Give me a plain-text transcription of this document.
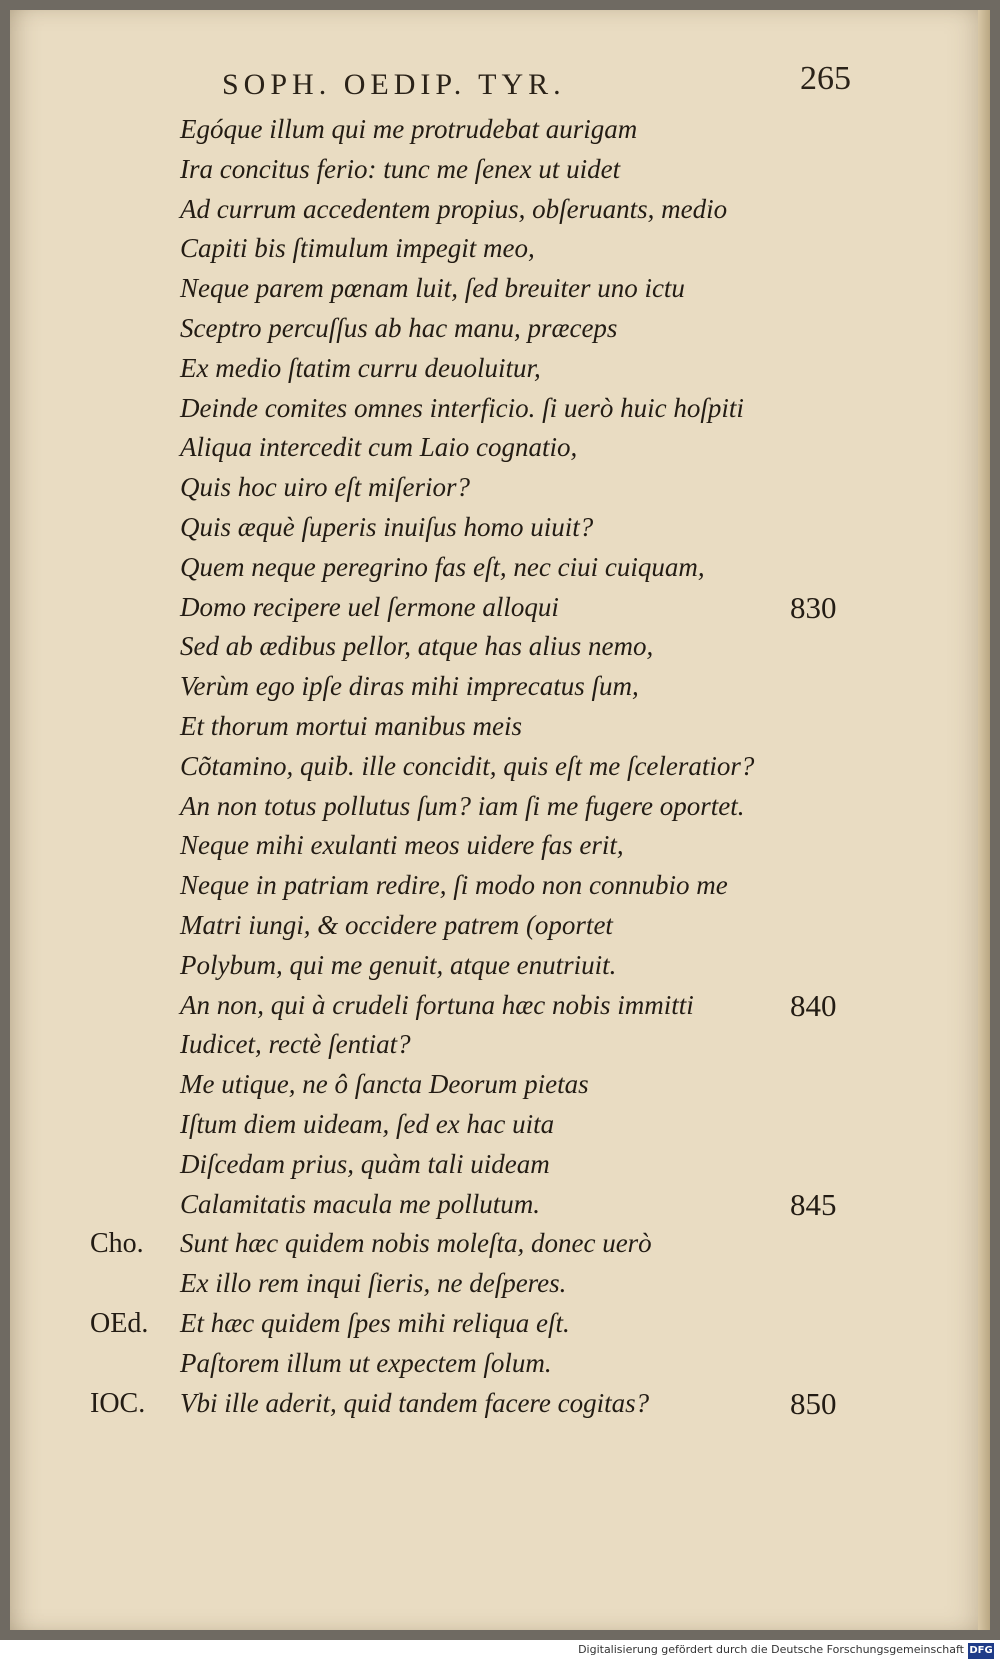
SOPH. OEDIP. TYR.	265
Egóque illum qui me protrudebat aurigam
Ira concitus ferio: tunc me ſenex ut uidet
Ad currum accedentem propius, obſeruants, medio
Capiti bis ſtimulum impegit meo,
Neque parem pœnam luit, ſed breuiter uno ictu
Sceptro percuſſus ab hac manu, præceps
Ex medio ſtatim curru deuoluitur,
Deinde comites omnes interficio. ſi uerò huic hoſpiti
Aliqua intercedit cum Laio cognatio,
Quis hoc uiro eſt miſerior?
Quis æquè ſuperis inuiſus homo uiuit?
Quem neque peregrino fas eſt, nec ciui cuiquam,
Domo recipere uel ſermone alloqui	830
Sed ab ædibus pellor, atque has alius nemo,
Verùm ego ipſe diras mihi imprecatus ſum,
Et thorum mortui manibus meis
Cõtamino, quib. ille concidit, quis eſt me ſceleratior?
An non totus pollutus ſum? iam ſi me fugere oportet.
Neque mihi exulanti meos uidere fas erit,
Neque in patriam redire, ſi modo non connubio me
Matri iungi, & occidere patrem (oportet
Polybum, qui me genuit, atque enutriuit.
An non, qui à crudeli fortuna hæc nobis immitti	840
Iudicet, rectè ſentiat?
Me utique, ne ô ſancta Deorum pietas
Iſtum diem uideam, ſed ex hac uita
Diſcedam prius, quàm tali uideam
Calamitatis macula me pollutum.	845
Cho. Sunt hæc quidem nobis moleſta, donec uerò
Ex illo rem inqui ſieris, ne deſperes.
OEd. Et hæc quidem ſpes mihi reliqua eſt.
Paſtorem illum ut expectem ſolum.
IOC. Vbi ille aderit, quid tandem facere cogitas?	850
Digitalisierung gefördert durch die Deutsche Forschungsgemeinschaft DFG
